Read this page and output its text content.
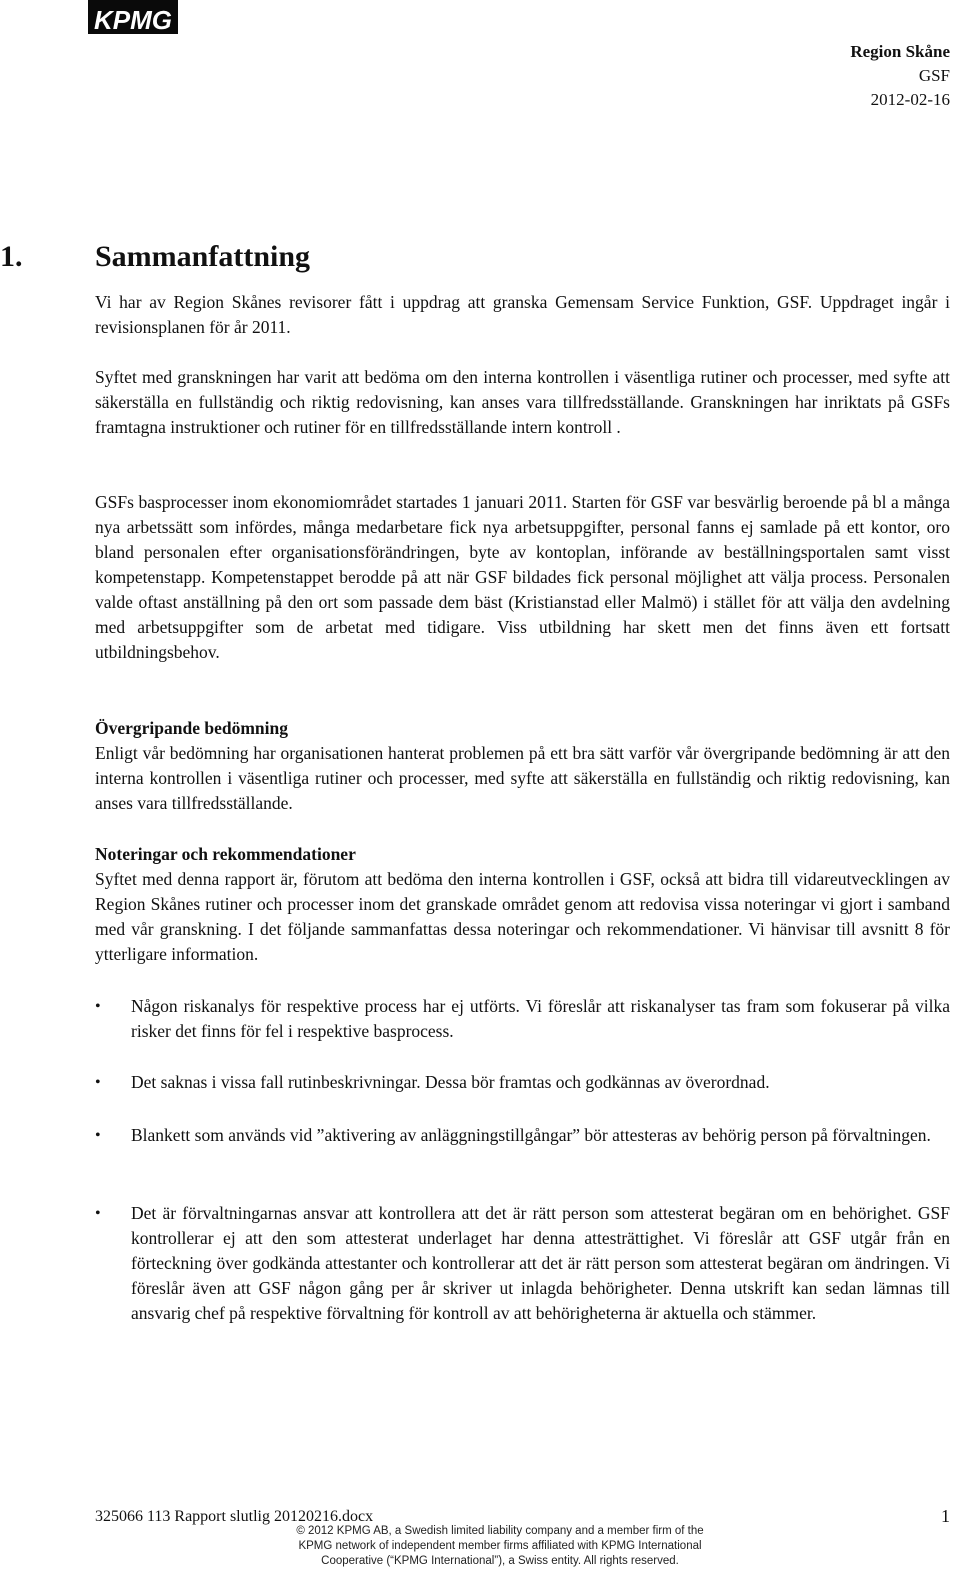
KPMG
Region Skåne
GSF
2012-02-16
1.	Sammanfattning

Vi har av Region Skånes revisorer fått i uppdrag att granska Gemensam Service Funktion, GSF. Uppdraget ingår i revisionsplanen för år 2011.

Syftet med granskningen har varit att bedöma om den interna kontrollen i väsentliga rutiner och processer, med syfte att säkerställa en fullständig och riktig redovisning, kan anses vara tillfredsställande. Granskningen har inriktats på GSFs framtagna instruktioner och rutiner för en tillfredsställande intern kontroll .

GSFs basprocesser inom ekonomiområdet startades 1 januari 2011. Starten för GSF var besvärlig beroende på bl a många nya arbetssätt som infördes, många medarbetare fick nya arbetsuppgifter, personal fanns ej samlade på ett kontor, oro bland personalen efter organisationsförändringen, byte av kontoplan, införande av beställningsportalen samt visst kompetenstapp. Kompetenstappet berodde på att när GSF bildades fick personal möjlighet att välja process. Personalen valde oftast anställning på den ort som passade dem bäst (Kristianstad eller Malmö) i stället för att välja den avdelning med arbetsuppgifter som de arbetat med tidigare. Viss utbildning har skett men det finns även ett fortsatt utbildningsbehov.

Övergripande bedömning

Enligt vår bedömning har organisationen hanterat problemen på ett bra sätt varför vår övergripande bedömning är att den interna kontrollen i väsentliga rutiner och processer, med syfte att säkerställa en fullständig och riktig redovisning, kan anses vara tillfredsställande.

Noteringar och rekommendationer

Syftet med denna rapport är, förutom att bedöma den interna kontrollen i GSF, också att bidra till vidareutvecklingen av Region Skånes rutiner och processer inom det granskade området genom att redovisa vissa noteringar vi gjort i samband med vår granskning. I det följande sammanfattas dessa noteringar och rekommendationer. Vi hänvisar till avsnitt 8 för ytterligare information.

•	Någon riskanalys för respektive process har ej utförts. Vi föreslår att riskanalyser tas fram som fokuserar på vilka risker det finns för fel i respektive basprocess.
•	Det saknas i vissa fall rutinbeskrivningar. Dessa bör framtas och godkännas av överordnad.
•	Blankett som används vid ”aktivering av anläggningstillgångar” bör attesteras av behörig person på förvaltningen.
•	Det är förvaltningarnas ansvar att kontrollera att det är rätt person som attesterat begäran om en behörighet. GSF kontrollerar ej att den som attesterat underlaget har denna attesträttighet. Vi föreslår att GSF utgår från en förteckning över godkända attestanter och kontrollerar att det är rätt person som attesterat begäran om ändringen. Vi föreslår även att GSF någon gång per år skriver ut inlagda behörigheter. Denna utskrift kan sedan lämnas till ansvarig chef på respektive förvaltning för kontroll av att behörigheterna är aktuella och stämmer.
325066 113 Rapport slutlig 20120216.docx	1
© 2012 KPMG AB, a Swedish limited liability company and a member firm of the
KPMG network of independent member firms affiliated with KPMG International
Cooperative (“KPMG International”), a Swiss entity. All rights reserved.
